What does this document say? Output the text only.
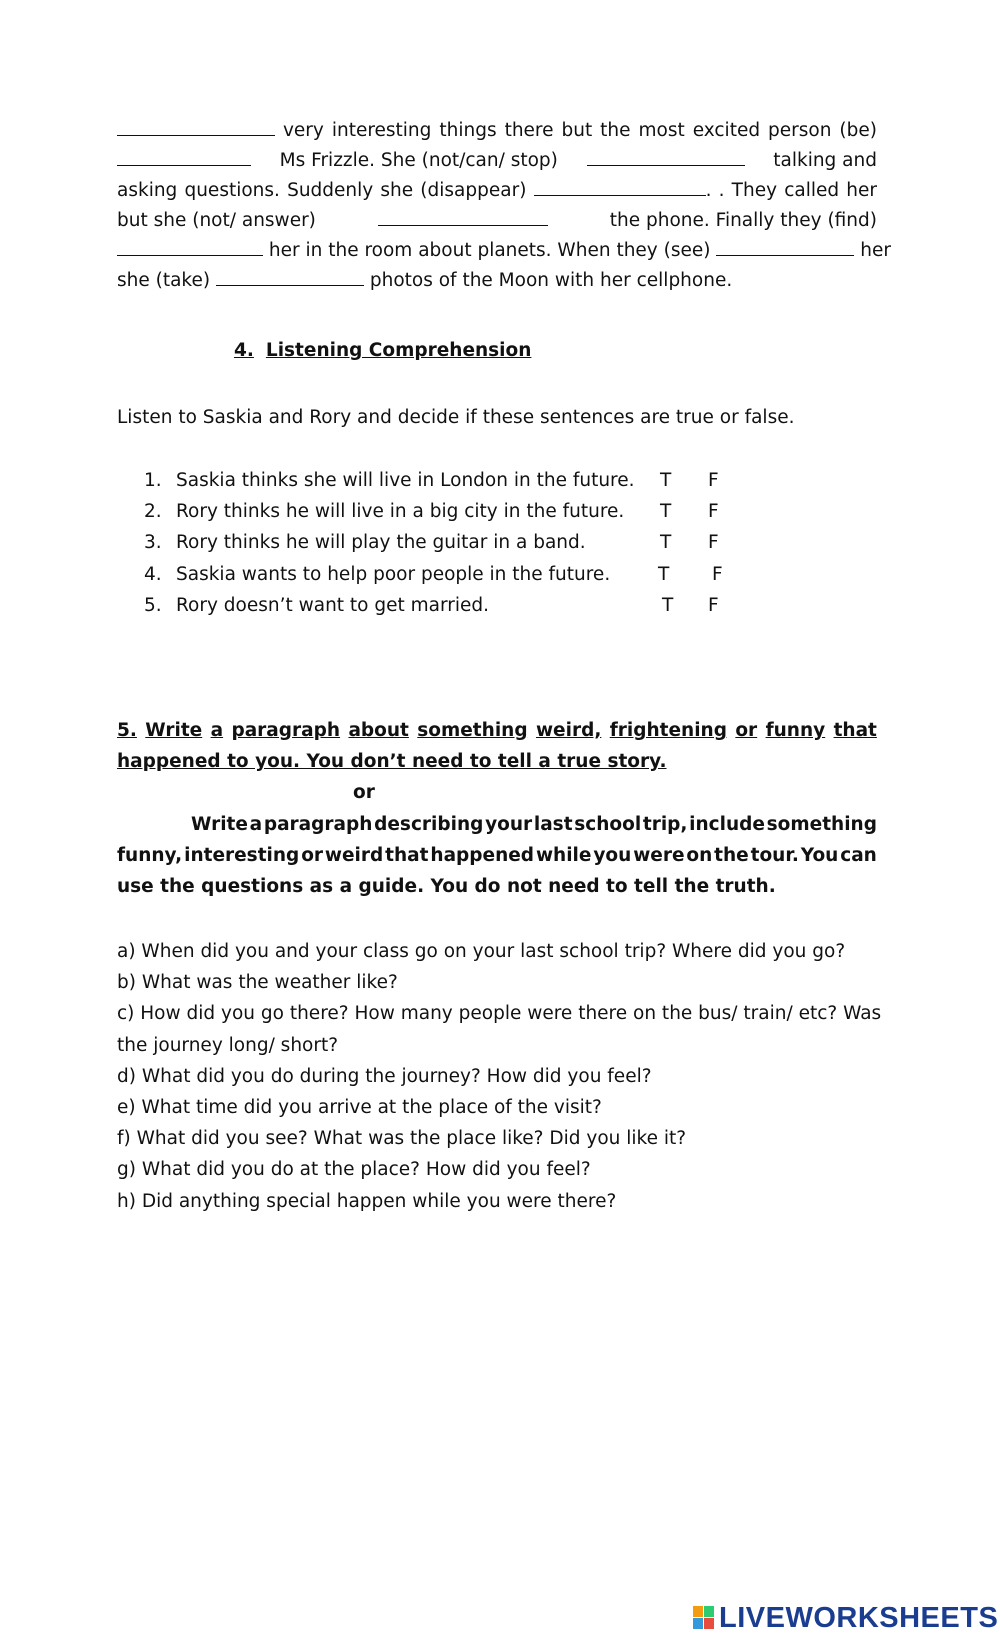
very interesting things there but the most excited person (be)
Ms Frizzle. She (not/can/ stop)	talking and
asking questions. Suddenly she (disappear)	. . They called her
but she (not/ answer)	the phone. Finally they (find)
her in the room about planets. When they (see)	her
she (take)	photos of the Moon with her cellphone.
4. Listening Comprehension
Listen to Saskia and Rory and decide if these sentences are true or false.
1. Saskia thinks she will live in London in the future. T F
2. Rory thinks he will live in a big city in the future. T F
3. Rory thinks he will play the guitar in a band.	T F
4. Saskia wants to help poor people in the future.	T F
5. Rory doesn’t want to get married.	T F
5. Write a paragraph about something weird, frightening or funny that
happened to you. You don’t need to tell a true story.
or
Write a paragraph describing your last school trip, include something
funny, interesting or weird that happened while you were on the tour. You can
use the questions as a guide. You do not need to tell the truth.
a) When did you and your class go on your last school trip? Where did you go?
b) What was the weather like?
c) How did you go there? How many people were there on the bus/ train/ etc? Was
the journey long/ short?
d) What did you do during the journey? How did you feel?
e) What time did you arrive at the place of the visit?
f) What did you see? What was the place like? Did you like it?
g) What did you do at the place? How did you feel?
h) Did anything special happen while you were there?
LIVEWORKSHEETS
